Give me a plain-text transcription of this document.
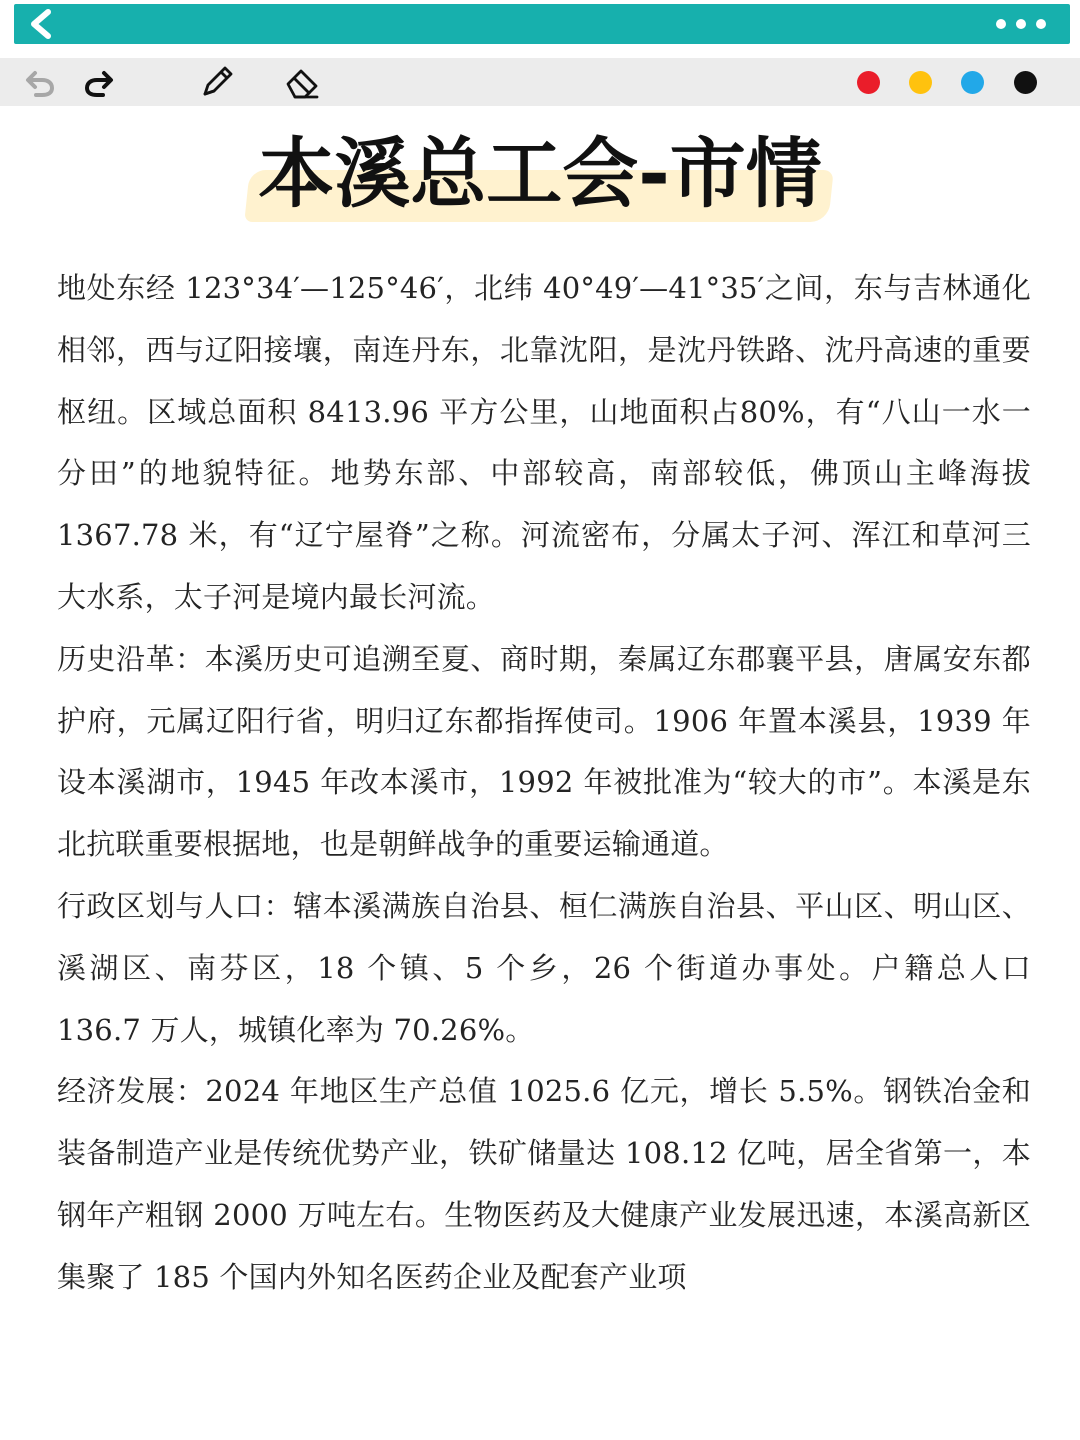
本溪总工会-市情

地处东经 123°34′—125°46′，北纬 40°49′—41°35′之间，东与吉林通化相邻，西与辽阳接壤，南连丹东，北靠沈阳，是沈丹铁路、沈丹高速的重要枢纽。区域总面积 8413.96 平方公里，山地面积占80%，有“八山一水一分田”的地貌特征。地势东部、中部较高，南部较低，佛顶山主峰海拔 1367.78 米，有“辽宁屋脊”之称。河流密布，分属太子河、浑江和草河三大水系，太子河是境内最长河流。

历史沿革：本溪历史可追溯至夏、商时期，秦属辽东郡襄平县，唐属安东都护府，元属辽阳行省，明归辽东都指挥使司。1906 年置本溪县，1939 年设本溪湖市，1945 年改本溪市，1992 年被批准为“较大的市”。本溪是东北抗联重要根据地，也是朝鲜战争的重要运输通道。

行政区划与人口：辖本溪满族自治县、桓仁满族自治县、平山区、明山区、溪湖区、南芬区，18 个镇、5 个乡，26 个街道办事处。户籍总人口 136.7 万人，城镇化率为 70.26%。

经济发展：2024 年地区生产总值 1025.6 亿元，增长 5.5%。钢铁冶金和装备制造产业是传统优势产业，铁矿储量达 108.12 亿吨，居全省第一，本钢年产粗钢 2000 万吨左右。生物医药及大健康产业发展迅速，本溪高新区集聚了 185 个国内外知名医药企业及配套产业项
